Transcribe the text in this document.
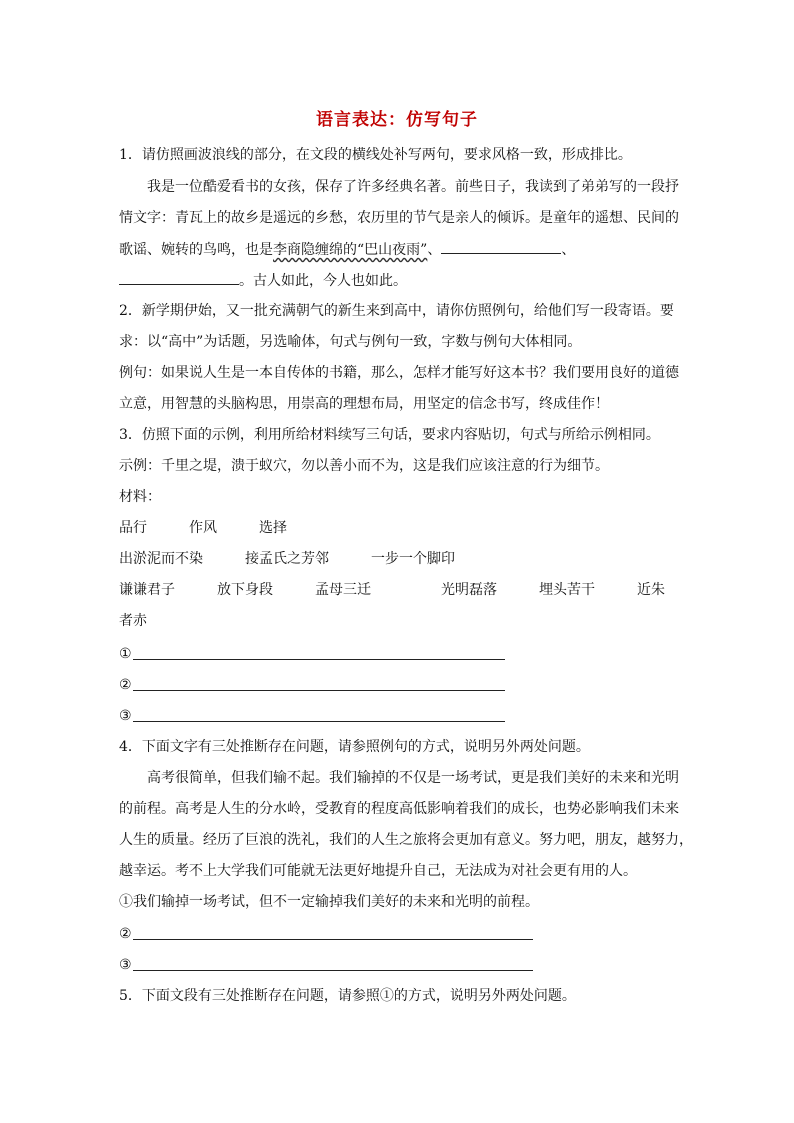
语言表达：仿写句子
1．请仿照画波浪线的部分，在文段的横线处补写两句，要求风格一致，形成排比。
我是一位酷爱看书的女孩，保存了许多经典名著。前些日子，我读到了弟弟写的一段抒
情文字：青瓦上的故乡是遥远的乡愁，农历里的节气是亲人的倾诉。是童年的遥想、民间的
歌谣、婉转的鸟鸣，也是李商隐缠绵的“巴山夜雨”、	、
。古人如此，今人也如此。
2．新学期伊始，又一批充满朝气的新生来到高中，请你仿照例句，给他们写一段寄语。要
求：以“高中”为话题，另选喻体，句式与例句一致，字数与例句大体相同。
例句：如果说人生是一本自传体的书籍，那么，怎样才能写好这本书？我们要用良好的道德
立意，用智慧的头脑构思，用崇高的理想布局，用坚定的信念书写，终成佳作！
3．仿照下面的示例，利用所给材料续写三句话，要求内容贴切，句式与所给示例相同。
示例：千里之堤，溃于蚁穴，勿以善小而不为，这是我们应该注意的行为细节。
材料：
品行	作风	选择
出淤泥而不染	接孟氏之芳邻	一步一个脚印
谦谦君子	放下身段	孟母三迁	光明磊落	埋头苦干	近朱
者赤
①
②
③
4．下面文字有三处推断存在问题，请参照例句的方式，说明另外两处问题。
高考很简单，但我们输不起。我们输掉的不仅是一场考试，更是我们美好的未来和光明
的前程。高考是人生的分水岭，受教育的程度高低影响着我们的成长，也势必影响我们未来
人生的质量。经历了巨浪的洗礼，我们的人生之旅将会更加有意义。努力吧，朋友，越努力，
越幸运。考不上大学我们可能就无法更好地提升自己，无法成为对社会更有用的人。
①我们输掉一场考试，但不一定输掉我们美好的未来和光明的前程。
②
③
5．下面文段有三处推断存在问题，请参照①的方式，说明另外两处问题。
